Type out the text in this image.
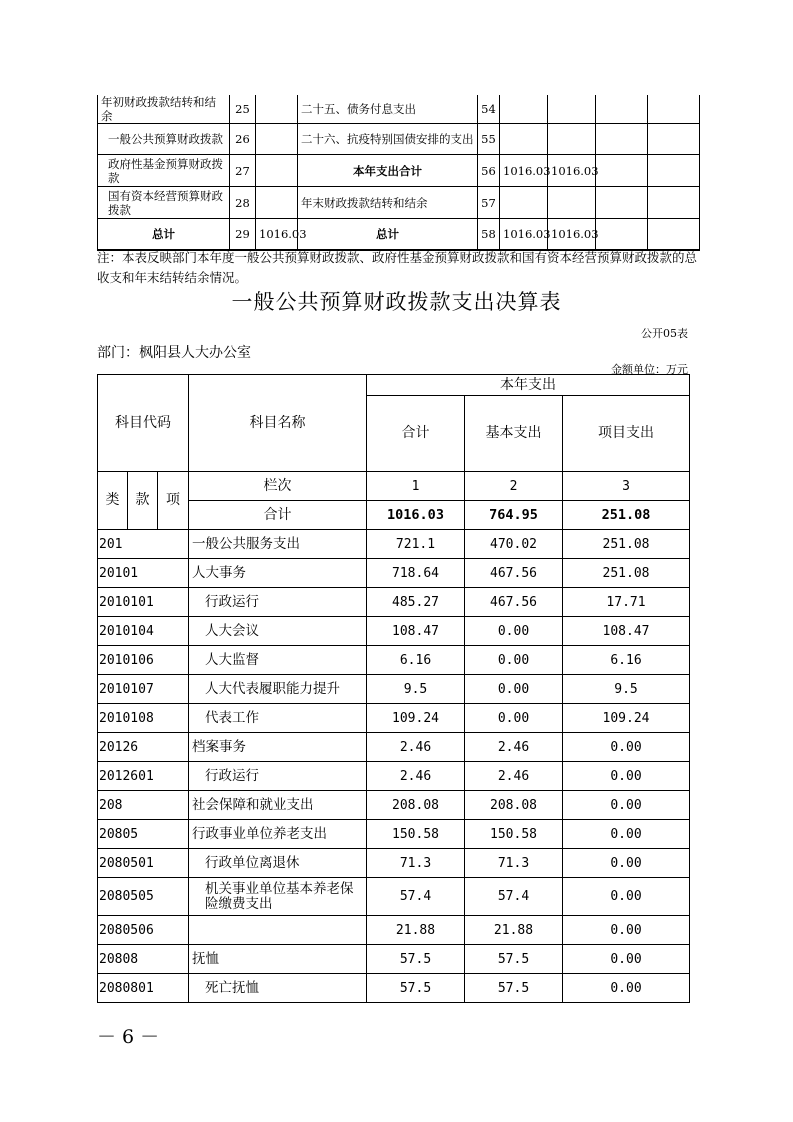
年初财政拨款结转和结余	25		二十五、债务付息支出	54				
一般公共预算财政拨款	26		二十六、抗疫特别国债安排的支出	55				
政府性基金预算财政拨款	27		本年支出合计	56	1016.03	1016.03		
国有资本经营预算财政拨款	28		年末财政拨款结转和结余	57				
总计	29	1016.03	总计	58	1016.03	1016.03		
注：本表反映部门本年度一般公共预算财政拨款、政府性基金预算财政拨款和国有资本经营预算财政拨款的总收支和年末结转结余情况。
一般公共预算财政拨款支出决算表
公开05表
部门：枫阳县人大办公室
金额单位：万元
科目代码			科目名称	本年支出		
				合计	基本支出	项目支出
类	款	项	栏次	1	2	3
			合计	1016.03	764.95	251.08
201			一般公共服务支出	721.1	470.02	251.08
20101			人大事务	718.64	467.56	251.08
2010101			行政运行	485.27	467.56	17.71
2010104			人大会议	108.47	0.00	108.47
2010106			人大监督	6.16	0.00	6.16
2010107			人大代表履职能力提升	9.5	0.00	9.5
2010108			代表工作	109.24	0.00	109.24
20126			档案事务	2.46	2.46	0.00
2012601			行政运行	2.46	2.46	0.00
208			社会保障和就业支出	208.08	208.08	0.00
20805			行政事业单位养老支出	150.58	150.58	0.00
2080501			行政单位离退休	71.3	71.3	0.00
2080505			机关事业单位基本养老保险缴费支出	57.4	57.4	0.00
2080506				21.88	21.88	0.00
20808			抚恤	57.5	57.5	0.00
2080801			死亡抚恤	57.5	57.5	0.00
－ 6 －
